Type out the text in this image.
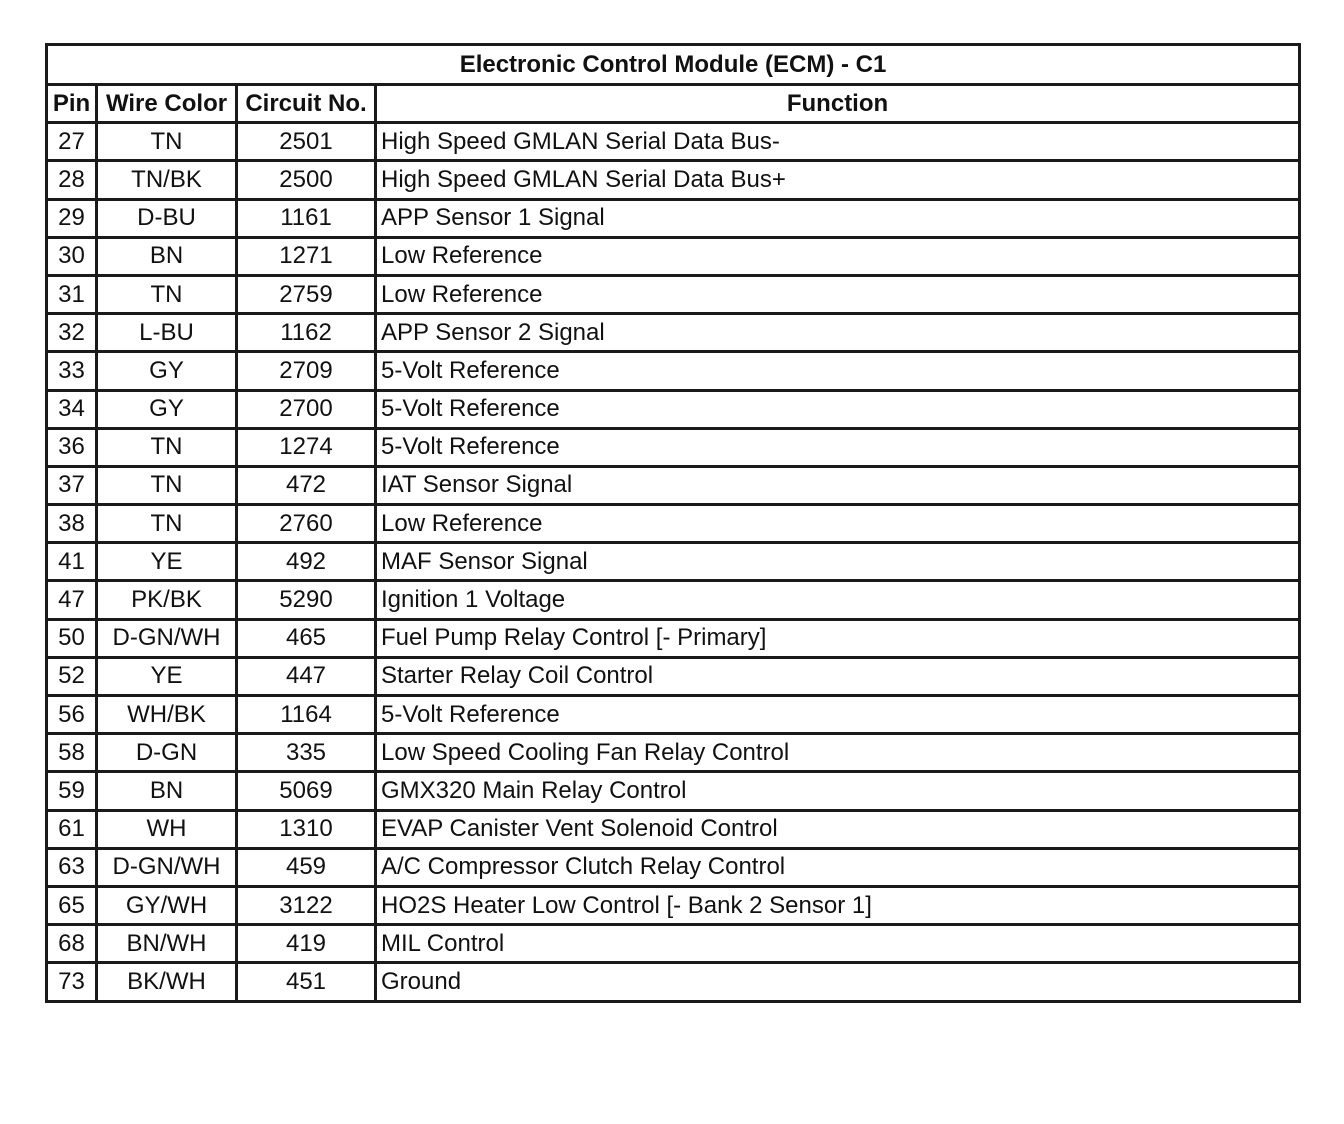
Electronic Control Module (ECM) - C1			
Pin	Wire Color	Circuit No.	Function
27	TN	2501	High Speed GMLAN Serial Data Bus-
28	TN/BK	2500	High Speed GMLAN Serial Data Bus+
29	D-BU	1161	APP Sensor 1 Signal
30	BN	1271	Low Reference
31	TN	2759	Low Reference
32	L-BU	1162	APP Sensor 2 Signal
33	GY	2709	5-Volt Reference
34	GY	2700	5-Volt Reference
36	TN	1274	5-Volt Reference
37	TN	472	IAT Sensor Signal
38	TN	2760	Low Reference
41	YE	492	MAF Sensor Signal
47	PK/BK	5290	Ignition 1 Voltage
50	D-GN/WH	465	Fuel Pump Relay Control [- Primary]
52	YE	447	Starter Relay Coil Control
56	WH/BK	1164	5-Volt Reference
58	D-GN	335	Low Speed Cooling Fan Relay Control
59	BN	5069	GMX320 Main Relay Control
61	WH	1310	EVAP Canister Vent Solenoid Control
63	D-GN/WH	459	A/C Compressor Clutch Relay Control
65	GY/WH	3122	HO2S Heater Low Control [- Bank 2 Sensor 1]
68	BN/WH	419	MIL Control
73	BK/WH	451	Ground
